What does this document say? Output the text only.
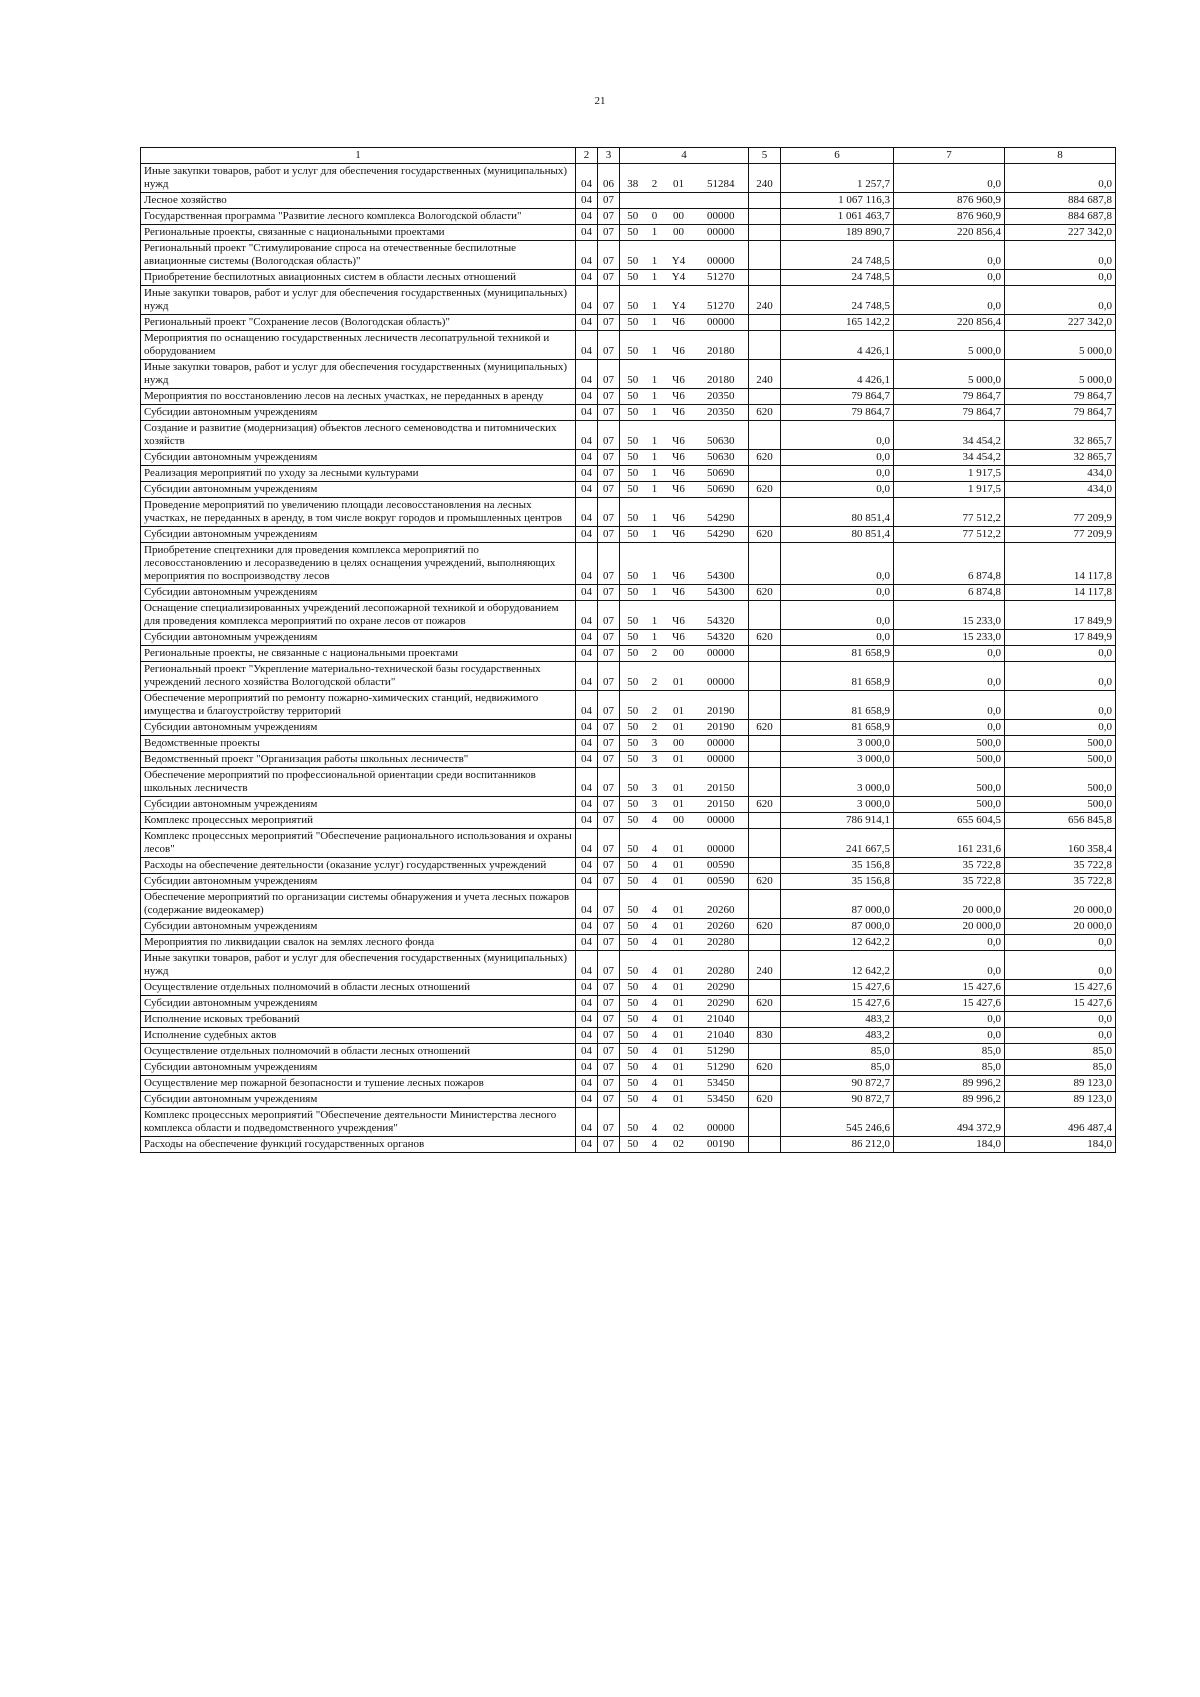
21
1	2	3	4				5	6	7	8
Иные закупки товаров, работ и услуг для обеспечения государственных (муниципальных) нужд	04	06	38	2	01	51284	240	1 257,7	0,0	0,0
Лесное хозяйство	04	07						1 067 116,3	876 960,9	884 687,8
Государственная программа "Развитие лесного комплекса Вологодской области"	04	07	50	0	00	00000		1 061 463,7	876 960,9	884 687,8
Региональные проекты, связанные с национальными проектами	04	07	50	1	00	00000		189 890,7	220 856,4	227 342,0
Региональный проект "Стимулирование спроса на отечественные беспилотные авиационные системы (Вологодская область)"	04	07	50	1	Y4	00000		24 748,5	0,0	0,0
Приобретение беспилотных авиационных систем в области лесных отношений	04	07	50	1	Y4	51270		24 748,5	0,0	0,0
Иные закупки товаров, работ и услуг для обеспечения государственных (муниципальных) нужд	04	07	50	1	Y4	51270	240	24 748,5	0,0	0,0
Региональный проект "Сохранение лесов (Вологодская область)"	04	07	50	1	Ч6	00000		165 142,2	220 856,4	227 342,0
Мероприятия по оснащению государственных лесничеств лесопатрульной техникой и оборудованием	04	07	50	1	Ч6	20180		4 426,1	5 000,0	5 000,0
Иные закупки товаров, работ и услуг для обеспечения государственных (муниципальных) нужд	04	07	50	1	Ч6	20180	240	4 426,1	5 000,0	5 000,0
Мероприятия по восстановлению лесов на лесных участках, не переданных в аренду	04	07	50	1	Ч6	20350		79 864,7	79 864,7	79 864,7
Субсидии автономным учреждениям	04	07	50	1	Ч6	20350	620	79 864,7	79 864,7	79 864,7
Создание и развитие (модернизация) объектов лесного семеноводства и питомнических хозяйств	04	07	50	1	Ч6	50630		0,0	34 454,2	32 865,7
Субсидии автономным учреждениям	04	07	50	1	Ч6	50630	620	0,0	34 454,2	32 865,7
Реализация мероприятий по уходу за лесными культурами	04	07	50	1	Ч6	50690		0,0	1 917,5	434,0
Субсидии автономным учреждениям	04	07	50	1	Ч6	50690	620	0,0	1 917,5	434,0
Проведение мероприятий по увеличению площади лесовосстановления на лесных участках, не переданных в аренду, в том числе вокруг городов и промышленных центров	04	07	50	1	Ч6	54290		80 851,4	77 512,2	77 209,9
Субсидии автономным учреждениям	04	07	50	1	Ч6	54290	620	80 851,4	77 512,2	77 209,9
Приобретение спецтехники для проведения комплекса мероприятий по лесовосстановлению и лесоразведению в целях оснащения учреждений, выполняющих мероприятия по воспроизводству лесов	04	07	50	1	Ч6	54300		0,0	6 874,8	14 117,8
Субсидии автономным учреждениям	04	07	50	1	Ч6	54300	620	0,0	6 874,8	14 117,8
Оснащение специализированных учреждений лесопожарной техникой и оборудованием для проведения комплекса мероприятий по охране лесов от пожаров	04	07	50	1	Ч6	54320		0,0	15 233,0	17 849,9
Субсидии автономным учреждениям	04	07	50	1	Ч6	54320	620	0,0	15 233,0	17 849,9
Региональные проекты, не связанные с национальными проектами	04	07	50	2	00	00000		81 658,9	0,0	0,0
Региональный проект "Укрепление материально-технической базы государственных учреждений лесного хозяйства Вологодской области"	04	07	50	2	01	00000		81 658,9	0,0	0,0
Обеспечение мероприятий по ремонту пожарно-химических станций, недвижимого имущества и благоустройству территорий	04	07	50	2	01	20190		81 658,9	0,0	0,0
Субсидии автономным учреждениям	04	07	50	2	01	20190	620	81 658,9	0,0	0,0
Ведомственные проекты	04	07	50	3	00	00000		3 000,0	500,0	500,0
Ведомственный проект "Организация работы школьных лесничеств"	04	07	50	3	01	00000		3 000,0	500,0	500,0
Обеспечение мероприятий по профессиональной ориентации среди воспитанников школьных лесничеств	04	07	50	3	01	20150		3 000,0	500,0	500,0
Субсидии автономным учреждениям	04	07	50	3	01	20150	620	3 000,0	500,0	500,0
Комплекс процессных мероприятий	04	07	50	4	00	00000		786 914,1	655 604,5	656 845,8
Комплекс процессных мероприятий "Обеспечение рационального использования и охраны лесов"	04	07	50	4	01	00000		241 667,5	161 231,6	160 358,4
Расходы на обеспечение деятельности (оказание услуг) государственных учреждений	04	07	50	4	01	00590		35 156,8	35 722,8	35 722,8
Субсидии автономным учреждениям	04	07	50	4	01	00590	620	35 156,8	35 722,8	35 722,8
Обеспечение мероприятий по организации системы обнаружения и учета лесных пожаров (содержание видеокамер)	04	07	50	4	01	20260		87 000,0	20 000,0	20 000,0
Субсидии автономным учреждениям	04	07	50	4	01	20260	620	87 000,0	20 000,0	20 000,0
Мероприятия по ликвидации свалок на землях лесного фонда	04	07	50	4	01	20280		12 642,2	0,0	0,0
Иные закупки товаров, работ и услуг для обеспечения государственных (муниципальных) нужд	04	07	50	4	01	20280	240	12 642,2	0,0	0,0
Осуществление отдельных полномочий в области лесных отношений	04	07	50	4	01	20290		15 427,6	15 427,6	15 427,6
Субсидии автономным учреждениям	04	07	50	4	01	20290	620	15 427,6	15 427,6	15 427,6
Исполнение исковых требований	04	07	50	4	01	21040		483,2	0,0	0,0
Исполнение судебных актов	04	07	50	4	01	21040	830	483,2	0,0	0,0
Осуществление отдельных полномочий в области лесных отношений	04	07	50	4	01	51290		85,0	85,0	85,0
Субсидии автономным учреждениям	04	07	50	4	01	51290	620	85,0	85,0	85,0
Осуществление мер пожарной безопасности и тушение лесных пожаров	04	07	50	4	01	53450		90 872,7	89 996,2	89 123,0
Субсидии автономным учреждениям	04	07	50	4	01	53450	620	90 872,7	89 996,2	89 123,0
Комплекс процессных мероприятий "Обеспечение деятельности Министерства лесного комплекса области и подведомственного учреждения"	04	07	50	4	02	00000		545 246,6	494 372,9	496 487,4
Расходы на обеспечение функций государственных органов	04	07	50	4	02	00190		86 212,0	184,0	184,0
